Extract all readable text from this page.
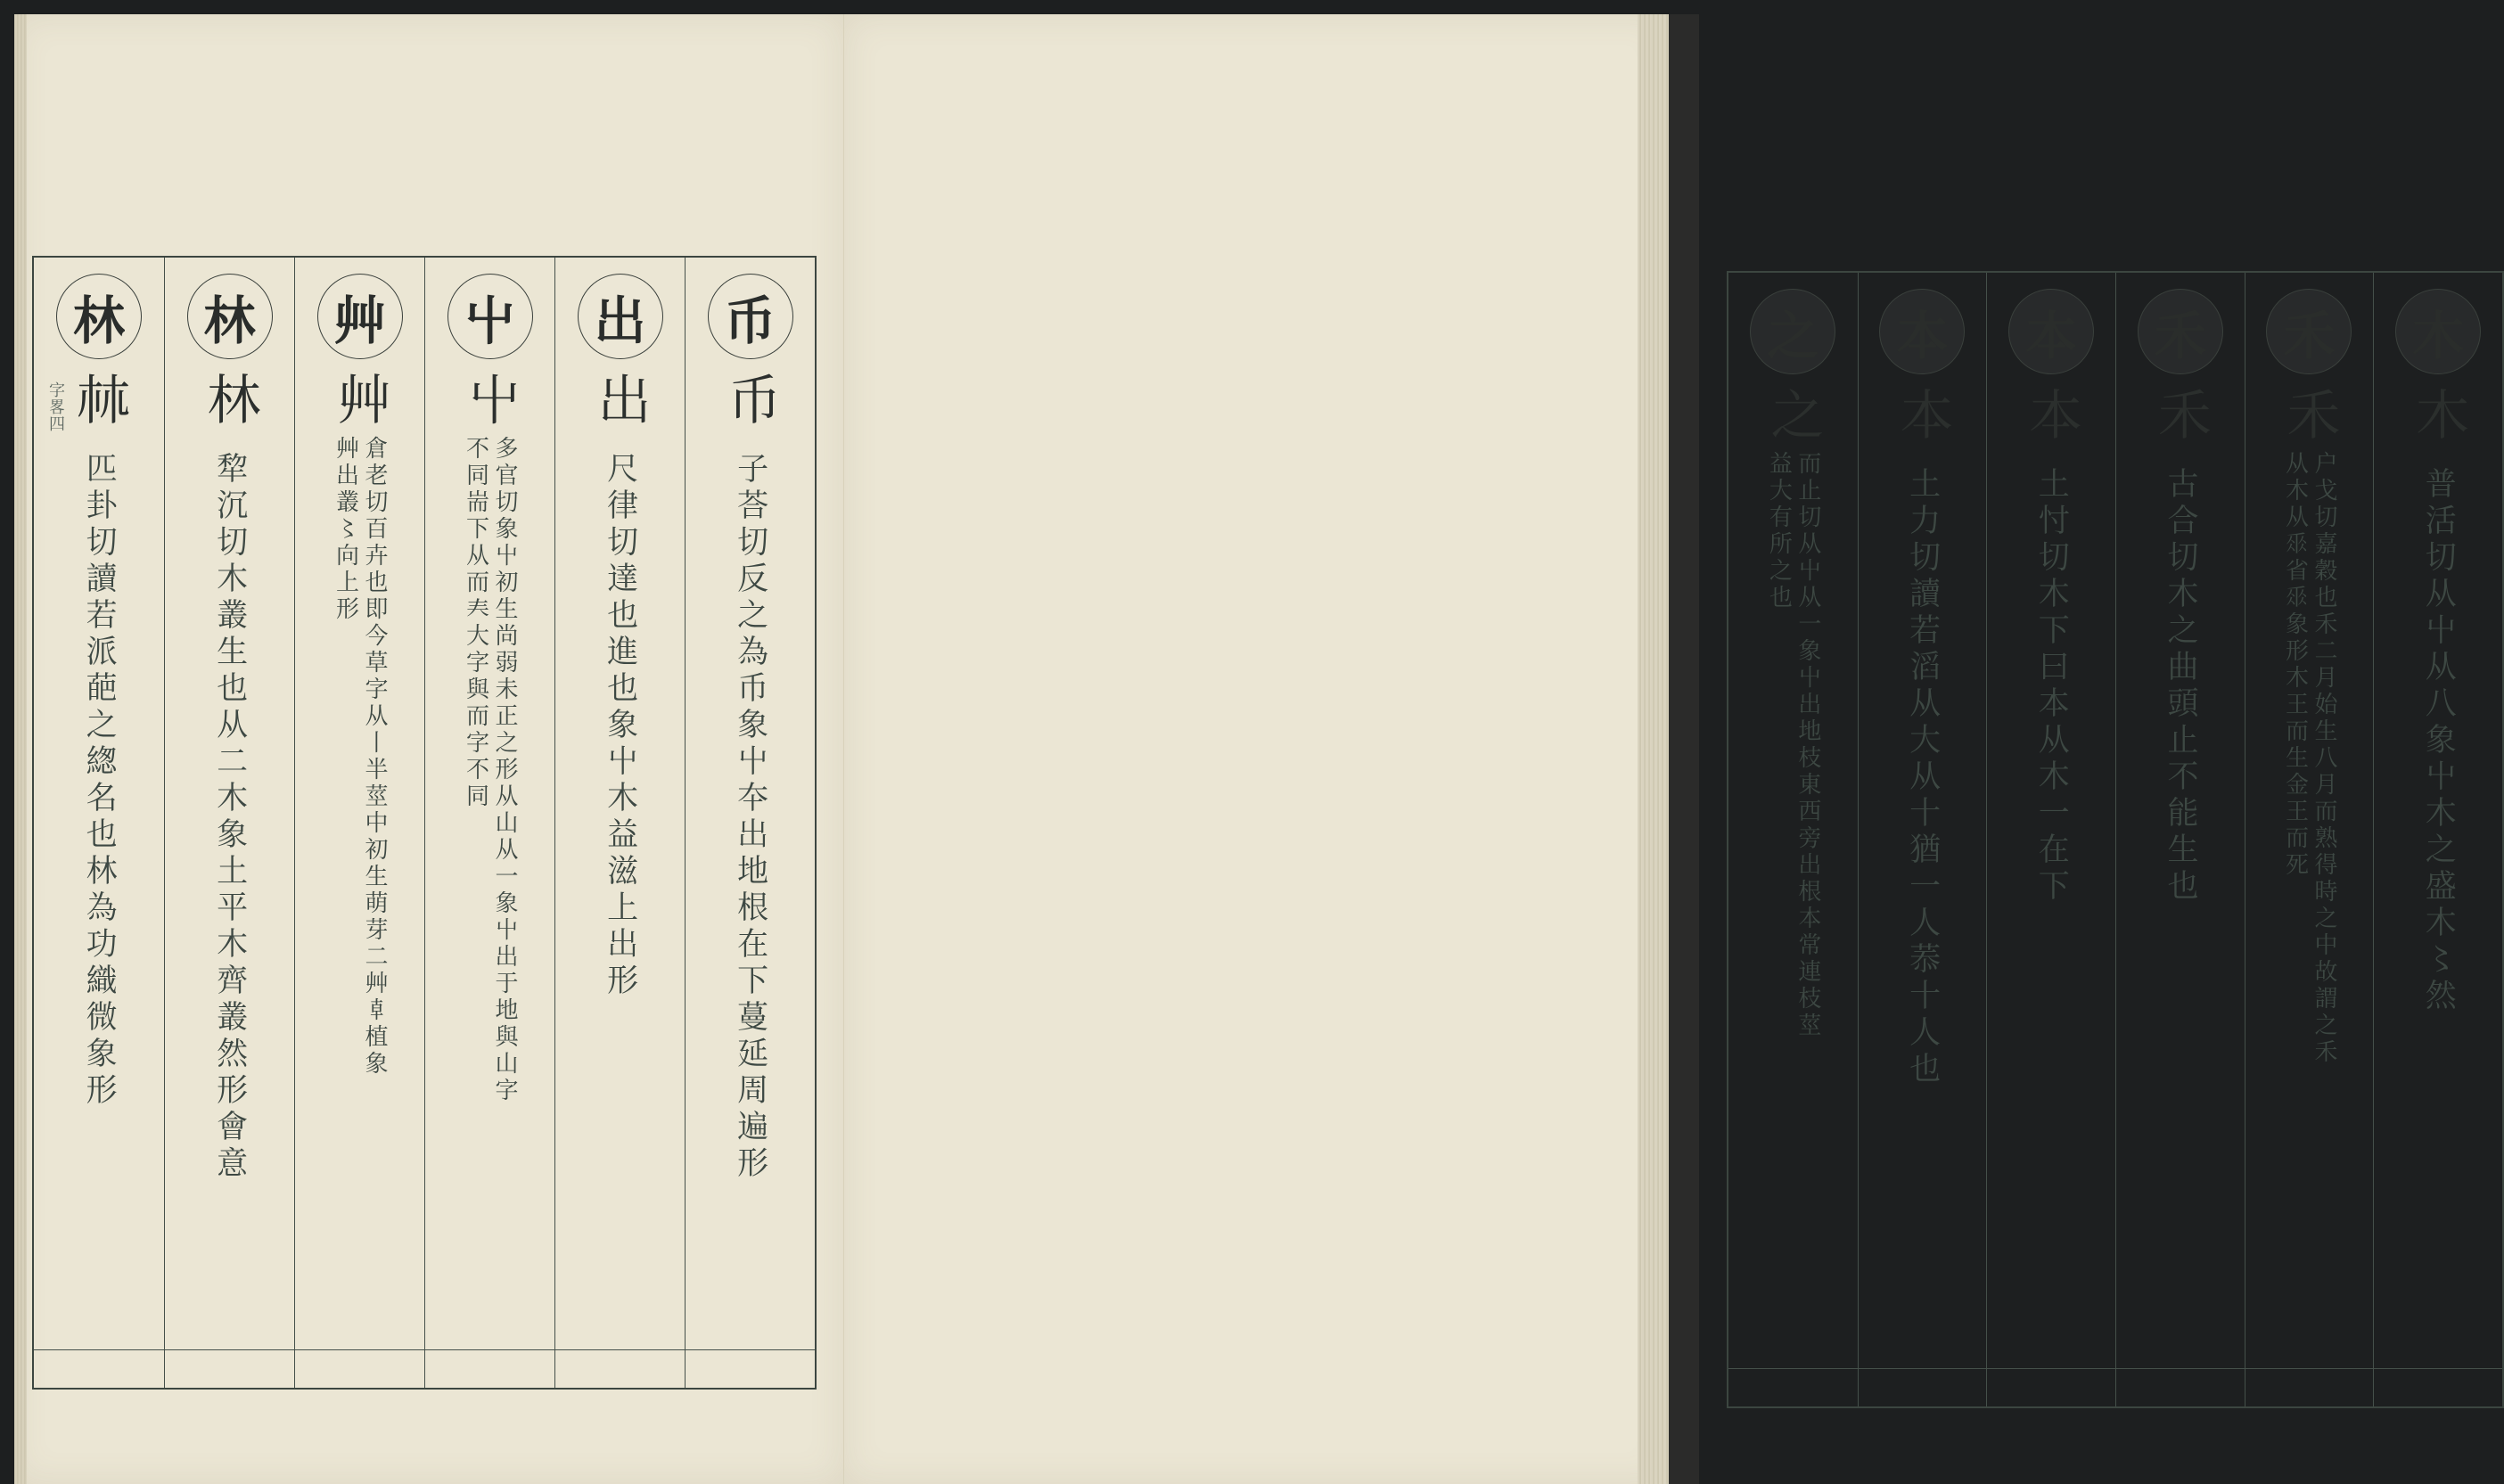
字畧四
林
𣏟
匹卦切讀若派葩之緫名也林為功織微象形
林
林
犂沉切木叢生也从二木象土平木齊叢然形會意
艸
艸
倉老切百卉也即今草字从丨半莖中初生萌芽二艸𠦝植象
艸出叢〻向上形
屮
屮
多官切象屮初生尚弱未正之形从山从一象屮出于地與山字
不同耑下从而𡗗大字與而字不同
出
出
尺律切達也進也象屮木益滋上出形
币
币
子荅切反之為币象屮夲出地根在下蔓延周遍形
之
之
而止切从屮从一象屮出地枝東西旁出根本常連枝莖
益大有所之也
本
本
土力切讀若滔从大从十猶一人菾十人也
本
本
土忖切木下曰本从木一在下
禾
禾
古合切木之曲頭止不能生也
禾
禾
户戈切嘉穀也禾二月始生八月而熟得時之中故謂之禾
从木从𠂹省𠂹象形木王而生金王而死
木
木
普活切从屮从八象屮木之盛木〻然
